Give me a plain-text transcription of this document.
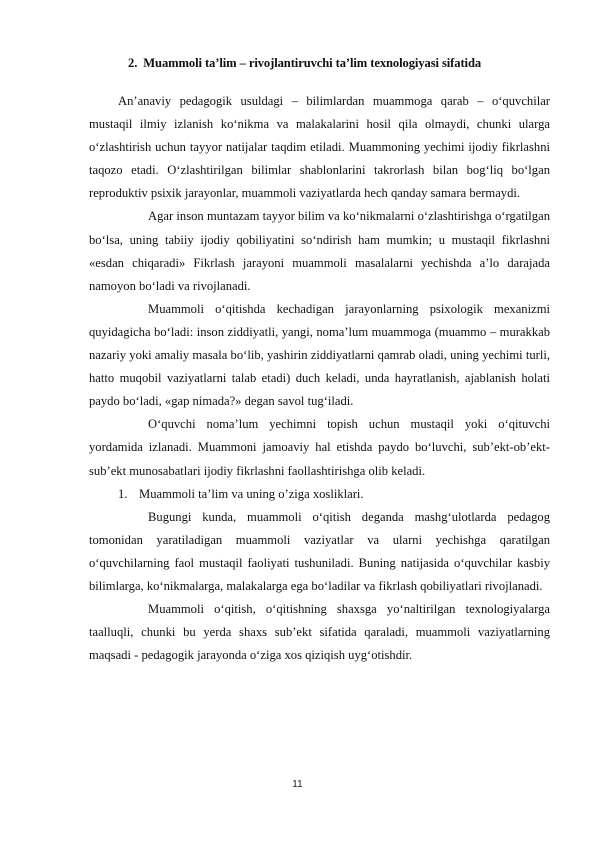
2. Muammoli ta’lim – rivojlantiruvchi ta’lim texnologiyasi sifatida

An’anaviy pedagogik usuldagi – bilimlardan muammoga qarab – o‘quvchilar mustaqil ilmiy izlanish ko‘nikma va malakalarini hosil qila olmaydi, chunki ularga o‘zlashtirish uchun tayyor natijalar taqdim etiladi. Muammoning yechimi ijodiy fikrlashni taqozo etadi. O‘zlashtirilgan bilimlar shablonlarini takrorlash bilan bog‘liq bo‘lgan reproduktiv psixik jarayonlar, muammoli vaziyatlarda hech qanday samara bermaydi.

Agar inson muntazam tayyor bilim va ko‘nikmalarni o‘zlashtirishga o‘rgatilgan bo‘lsa, uning tabiiy ijodiy qobiliyatini so‘ndirish ham mumkin; u mustaqil fikrlashni «esdan chiqaradi» Fikrlash jarayoni muammoli masalalarni yechishda a’lo darajada namoyon bo‘ladi va rivojlanadi.

Muammoli o‘qitishda kechadigan jarayonlarning psixologik mexanizmi quyidagicha bo‘ladi: inson ziddiyatli, yangi, noma’lum muammoga (muammo – murakkab nazariy yoki amaliy masala bo‘lib, yashirin ziddiyatlarni qamrab oladi, uning yechimi turli, hatto muqobil vaziyatlarni talab etadi) duch keladi, unda hayratlanish, ajablanish holati paydo bo‘ladi, «gap nimada?» degan savol tug‘iladi.

O‘quvchi noma’lum yechimni topish uchun mustaqil yoki o‘qituvchi yordamida izlanadi. Muammoni jamoaviy hal etishda paydo bo‘luvchi, sub’ekt-ob’ekt-sub’ekt munosabatlari ijodiy fikrlashni faollashtirishga olib keladi.

1. Muammoli ta’lim va uning o’ziga xosliklari.

Bugungi kunda, muammoli o‘qitish deganda mashg‘ulotlarda pedagog tomonidan yaratiladigan muammoli vaziyatlar va ularni yechishga qaratilgan o‘quvchilarning faol mustaqil faoliyati tushuniladi. Buning natijasida o‘quvchilar kasbiy bilimlarga, ko‘nikmalarga, malakalarga ega bo‘ladilar va fikrlash qobiliyatlari rivojlanadi.

Muammoli o‘qitish, o‘qitishning shaxsga yo‘naltirilgan texnologiyalarga taalluqli, chunki bu yerda shaxs sub’ekt sifatida qaraladi, muammoli vaziyatlarning maqsadi - pedagogik jarayonda o‘ziga xos qiziqish uyg‘otishdir.

11
